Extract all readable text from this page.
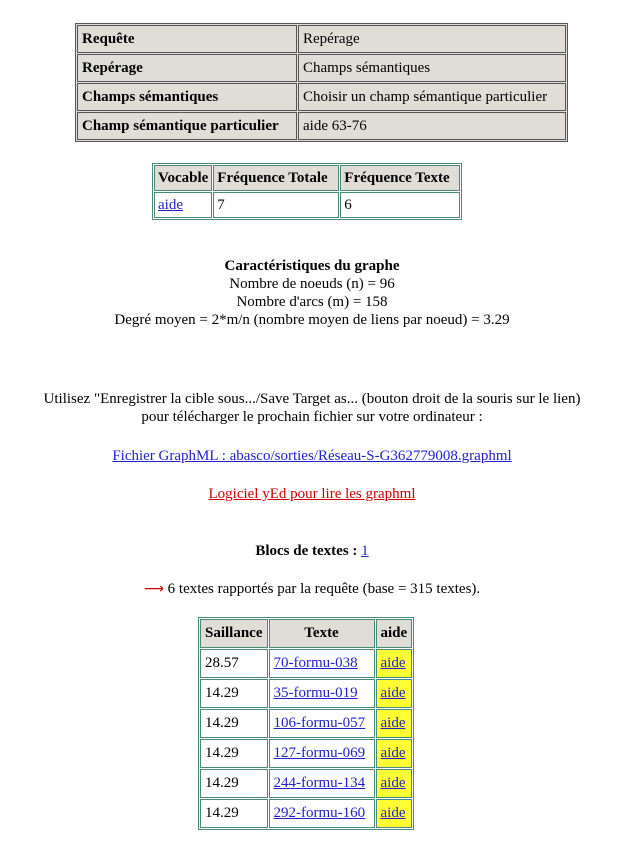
Requête	Repérage
Repérage	Champs sémantiques
Champs sémantiques	Choisir un champ sémantique particulier
Champ sémantique particulier	aide 63-76
Vocable	Fréquence Totale	Fréquence Texte
aide	7	6
Caractéristiques du graphe
Nombre de noeuds (n) = 96
Nombre d'arcs (m) = 158
Degré moyen = 2*m/n (nombre moyen de liens par noeud) = 3.29
Utilisez "Enregistrer la cible sous.../Save Target as... (bouton droit de la souris sur le lien)
pour télécharger le prochain fichier sur votre ordinateur :
Fichier GraphML : abasco/sorties/Réseau-S-G362779008.graphml
Logiciel yEd pour lire les graphml
Blocs de textes : 1
⟶ 6 textes rapportés par la requête (base = 315 textes).
Saillance	Texte	aide
28.57	70-formu-038	aide
14.29	35-formu-019	aide
14.29	106-formu-057	aide
14.29	127-formu-069	aide
14.29	244-formu-134	aide
14.29	292-formu-160	aide
